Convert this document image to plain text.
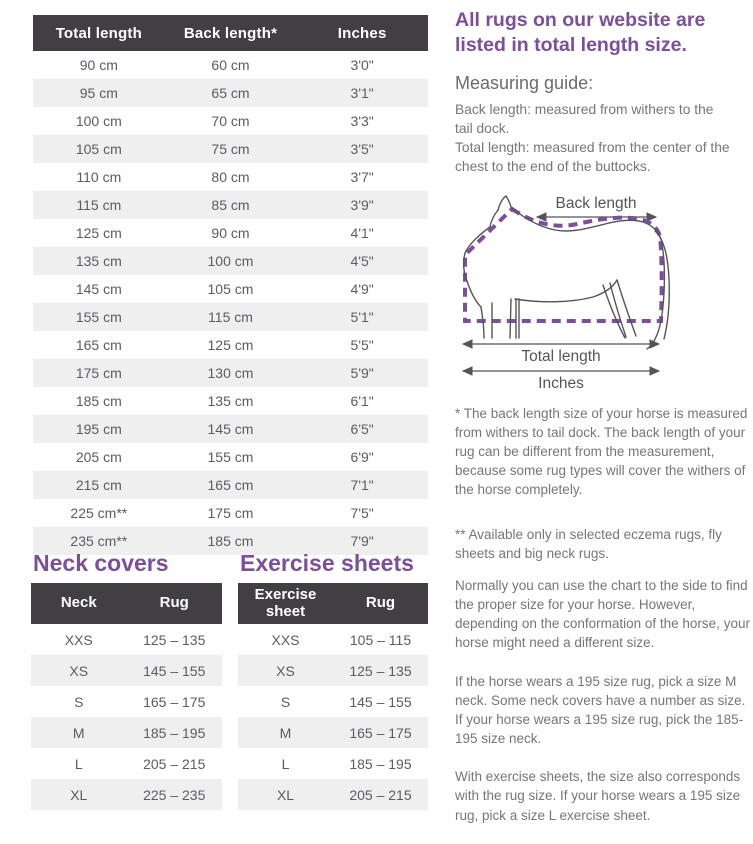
Total length	Back length*	Inches
90 cm	60 cm	3'0"
95 cm	65 cm	3'1"
100 cm	70 cm	3'3"
105 cm	75 cm	3'5"
110 cm	80 cm	3'7"
115 cm	85 cm	3'9"
125 cm	90 cm	4'1"
135 cm	100 cm	4'5"
145 cm	105 cm	4'9"
155 cm	115 cm	5'1"
165 cm	125 cm	5'5"
175 cm	130 cm	5'9"
185 cm	135 cm	6'1"
195 cm	145 cm	6'5"
205 cm	155 cm	6'9"
215 cm	165 cm	7'1"
225 cm**	175 cm	7'5"
235 cm**	185 cm	7'9"
Neck covers
Neck	Rug
XXS	125 – 135
XS	145 – 155
S	165 – 175
M	185 – 195
L	205 – 215
XL	225 – 235
Exercise sheets
Exercise sheet	Rug
XXS	105 – 115
XS	125 – 135
S	145 – 155
M	165 – 175
L	185 – 195
XL	205 – 215
All rugs on our website are listed in total length size.
Measuring guide:

Back length: measured from withers to the tail dock.

Total length: measured from the center of the chest to the end of the buttocks.

Back length
Total length
Inches

* The back length size of your horse is measured from withers to tail dock. The back length of your rug can be different from the measurement, because some rug types will cover the withers of the horse completely.

** Available only in selected eczema rugs, fly sheets and big neck rugs.

Normally you can use the chart to the side to find the proper size for your horse. However, depending on the conformation of the horse, your horse might need a different size.

If the horse wears a 195 size rug, pick a size M neck. Some neck covers have a number as size. If your horse wears a 195 size rug, pick the 185-195 size neck.

With exercise sheets, the size also corresponds with the rug size. If your horse wears a 195 size rug, pick a size L exercise sheet.
